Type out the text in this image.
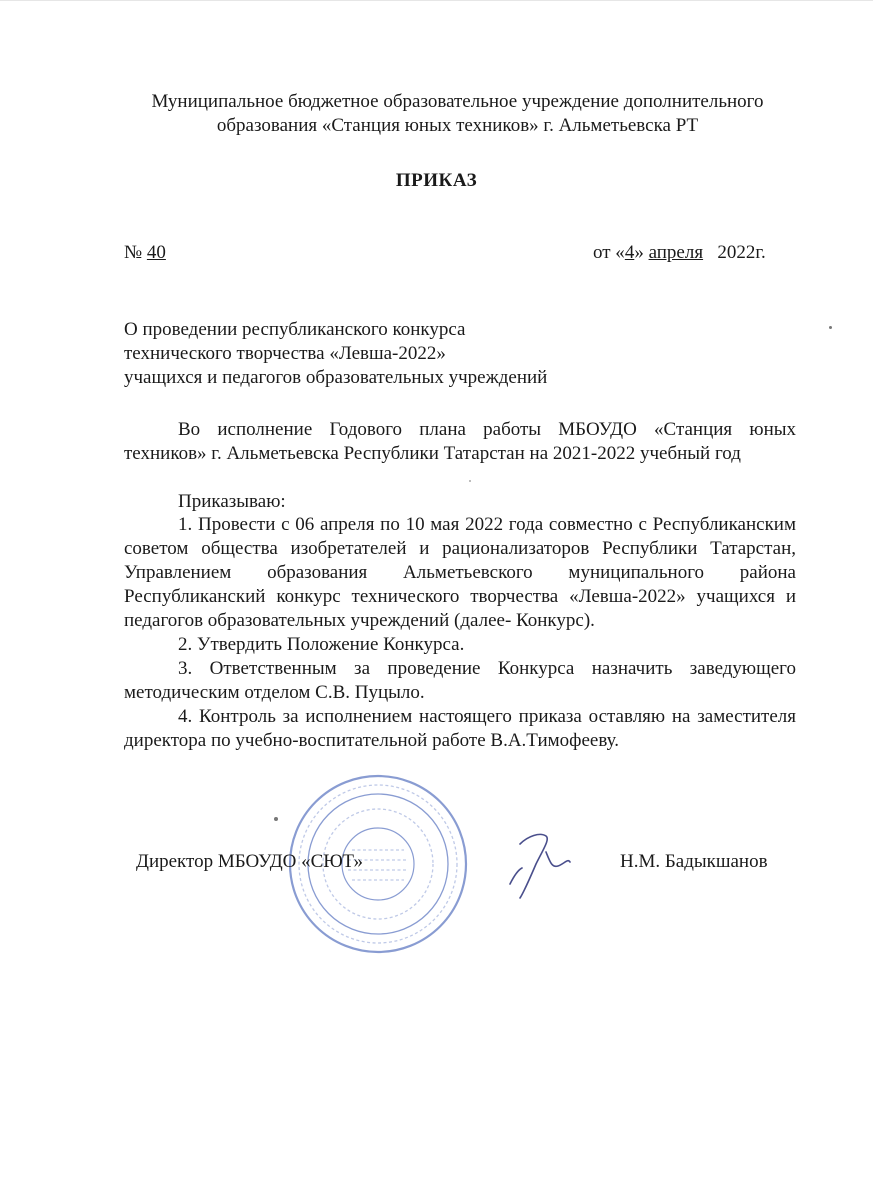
Муниципальное бюджетное образовательное учреждение дополнительного
образования «Станция юных техников» г. Альметьевска РТ
ПРИКАЗ
№ 40	от «4» апреля   2022г.
О проведении республиканского конкурса
технического творчества «Левша-2022»
учащихся и педагогов образовательных учреждений

Во исполнение Годового плана работы МБОУДО «Станция юных техников» г. Альметьевска Республики Татарстан на 2021-2022 учебный год

Приказываю:

1. Провести с 06 апреля по 10 мая 2022 года совместно с Республиканским советом общества изобретателей и рационализаторов Республики Татарстан, Управлением образования Альметьевского муниципального района Республиканский конкурс технического творчества «Левша-2022» учащихся и педагогов образовательных учреждений (далее- Конкурс).

2. Утвердить Положение Конкурса.

3. Ответственным за проведение Конкурса назначить заведующего методическим отделом С.В. Пуцыло.

4. Контроль за исполнением настоящего приказа оставляю на заместителя директора по учебно-воспитательной работе В.А.Тимофееву.

Директор МБОУДО «СЮТ»	Н.М. Бадыкшанов
